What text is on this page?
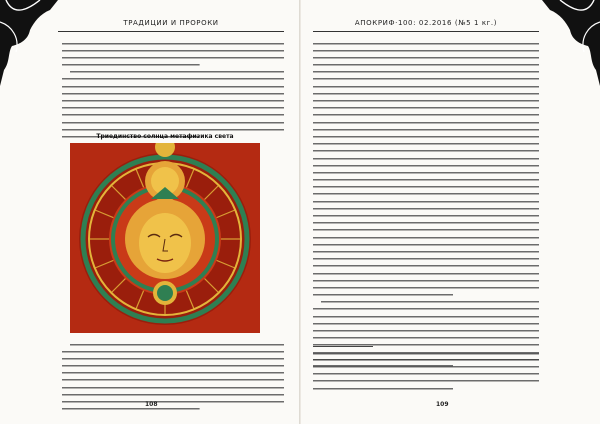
ТРАДИЦИИ И ПРОРОКИ
Триединство солнца метафизика света
108
АПОКРИФ·100: 02.2016 (№5 1 кг.)
109
